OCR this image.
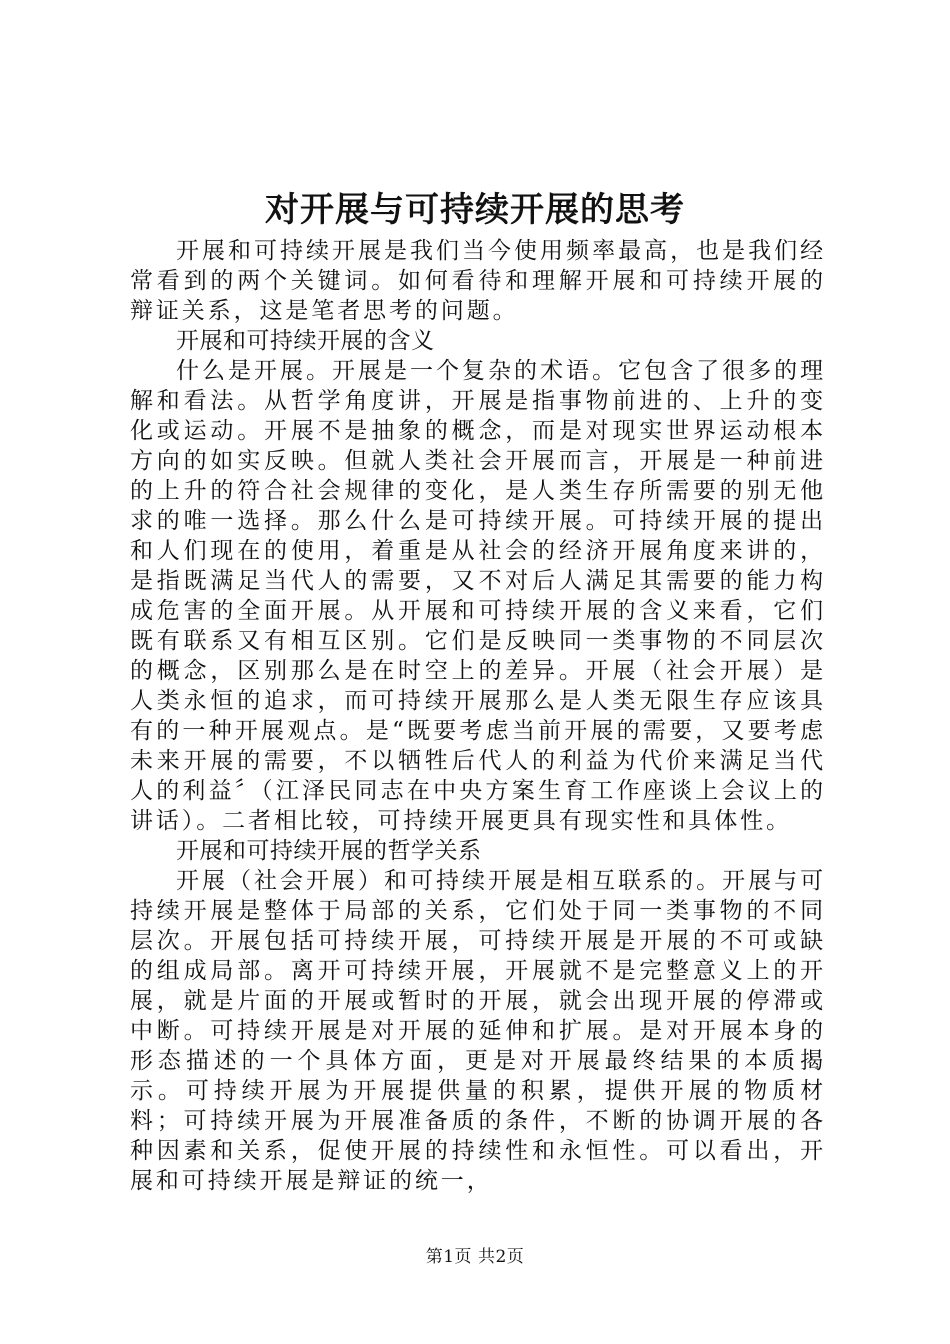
对开展与可持续开展的思考

开展和可持续开展是我们当今使用频率最高，也是我们经常看到的两个关键词。如何看待和理解开展和可持续开展的辩证关系，这是笔者思考的问题。

开展和可持续开展的含义

什么是开展。开展是一个复杂的术语。它包含了很多的理解和看法。从哲学角度讲，开展是指事物前进的、上升的变化或运动。开展不是抽象的概念，而是对现实世界运动根本方向的如实反映。但就人类社会开展而言，开展是一种前进的上升的符合社会规律的变化，是人类生存所需要的别无他求的唯一选择。那么什么是可持续开展。可持续开展的提出和人们现在的使用，着重是从社会的经济开展角度来讲的，是指既满足当代人的需要，又不对后人满足其需要的能力构成危害的全面开展。从开展和可持续开展的含义来看，它们既有联系又有相互区别。它们是反映同一类事物的不同层次的概念，区别那么是在时空上的差异。开展（社会开展）是人类永恒的追求，而可持续开展那么是人类无限生存应该具有的一种开展观点。是“既要考虑当前开展的需要，又要考虑未来开展的需要，不以牺牲后代人的利益为代价来满足当代人的利益〞（江泽民同志在中央方案生育工作座谈上会议上的讲话）。二者相比较，可持续开展更具有现实性和具体性。

开展和可持续开展的哲学关系

开展（社会开展）和可持续开展是相互联系的。开展与可持续开展是整体于局部的关系，它们处于同一类事物的不同层次。开展包括可持续开展，可持续开展是开展的不可或缺的组成局部。离开可持续开展，开展就不是完整意义上的开展，就是片面的开展或暂时的开展，就会出现开展的停滞或中断。可持续开展是对开展的延伸和扩展。是对开展本身的形态描述的一个具体方面，更是对开展最终结果的本质揭示。可持续开展为开展提供量的积累，提供开展的物质材料；可持续开展为开展准备质的条件，不断的协调开展的各种因素和关系，促使开展的持续性和永恒性。可以看出，开展和可持续开展是辩证的统一，

第1页 共2页
